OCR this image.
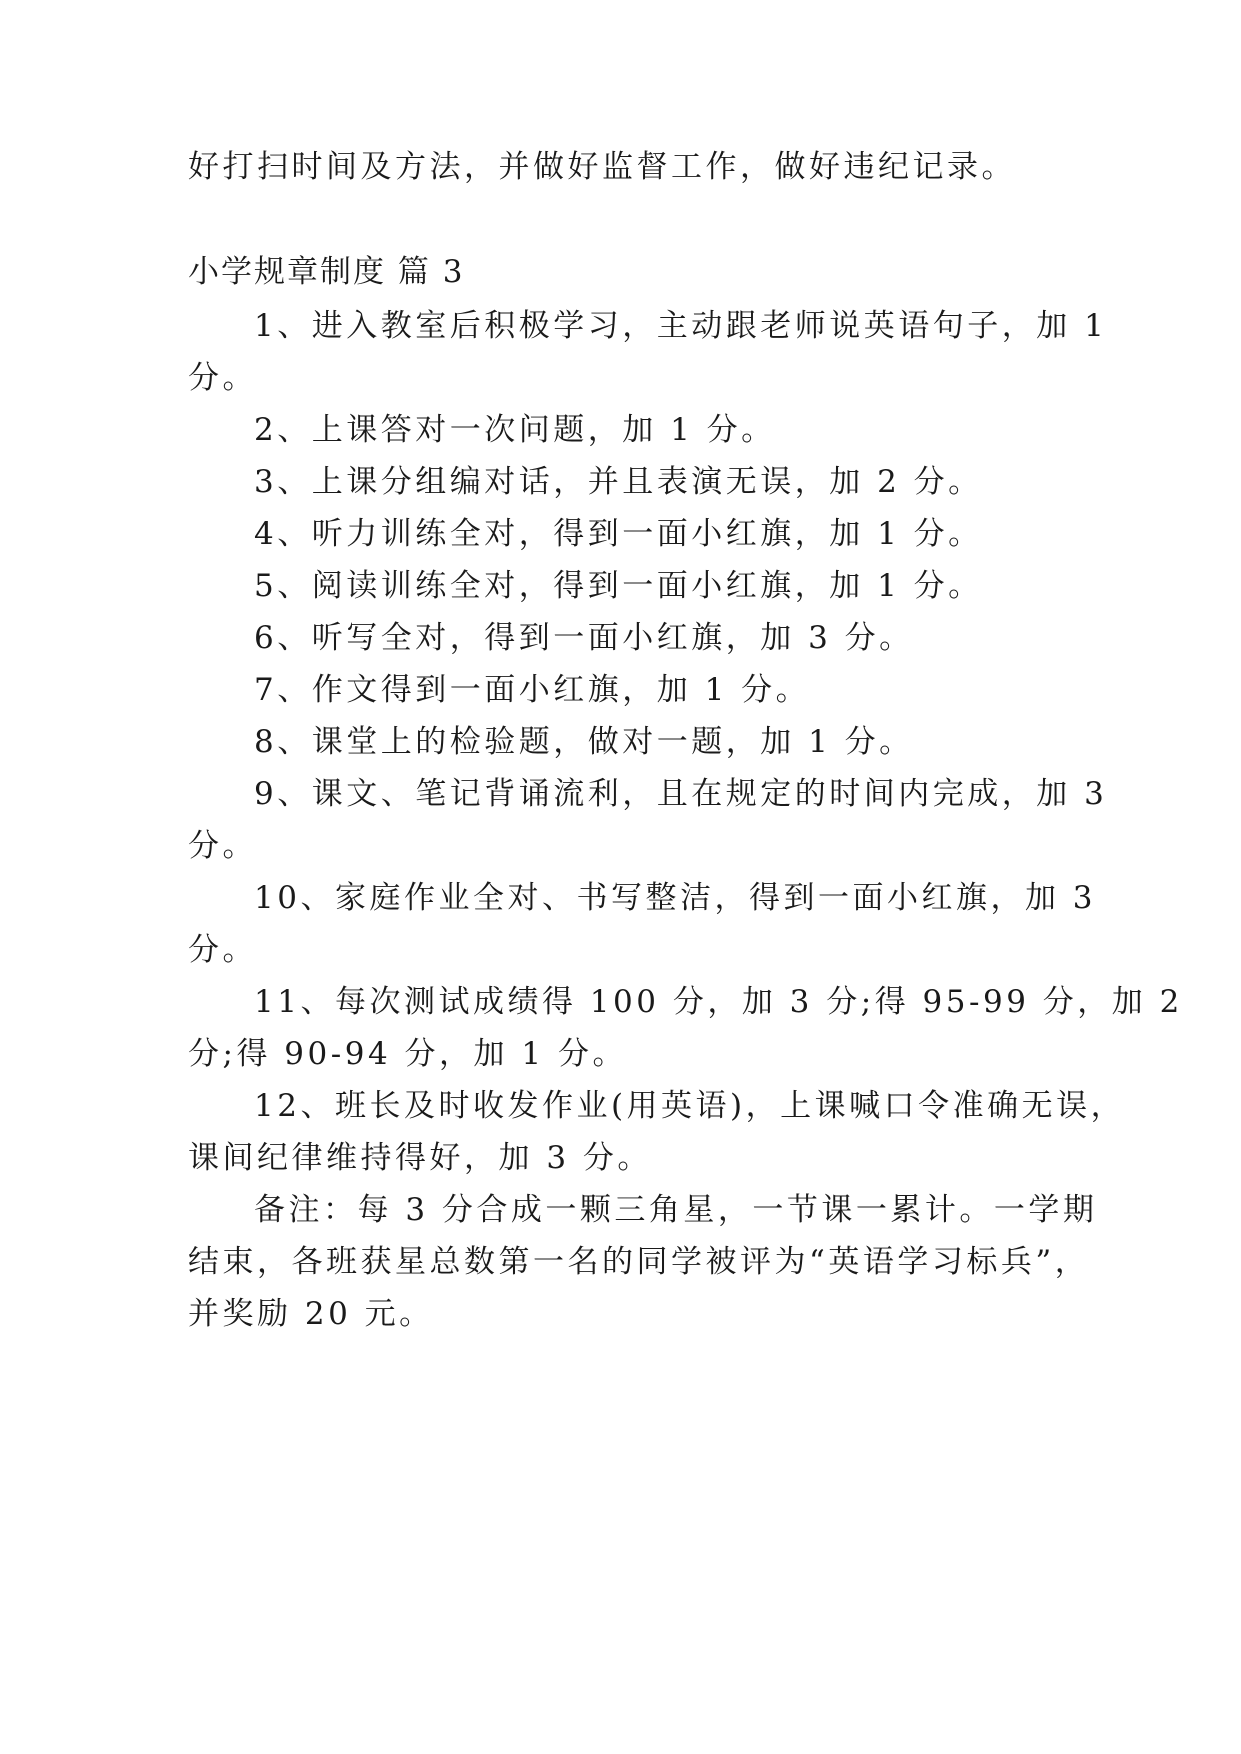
好打扫时间及方法，并做好监督工作，做好违纪记录。
小学规章制度 篇 3
1、进入教室后积极学习，主动跟老师说英语句子，加 1
分。
2、上课答对一次问题，加 1 分。
3、上课分组编对话，并且表演无误，加 2 分。
4、听力训练全对，得到一面小红旗，加 1 分。
5、阅读训练全对，得到一面小红旗，加 1 分。
6、听写全对，得到一面小红旗，加 3 分。
7、作文得到一面小红旗，加 1 分。
8、课堂上的检验题，做对一题，加 1 分。
9、课文、笔记背诵流利，且在规定的时间内完成，加 3
分。
10、家庭作业全对、书写整洁，得到一面小红旗，加 3
分。
11、每次测试成绩得 100 分，加 3 分;得 95-99 分，加 2
分;得 90-94 分，加 1 分。
12、班长及时收发作业(用英语)，上课喊口令准确无误，
课间纪律维持得好，加 3 分。
备注：每 3 分合成一颗三角星，一节课一累计。一学期
结束，各班获星总数第一名的同学被评为“英语学习标兵”，
并奖励 20 元。
